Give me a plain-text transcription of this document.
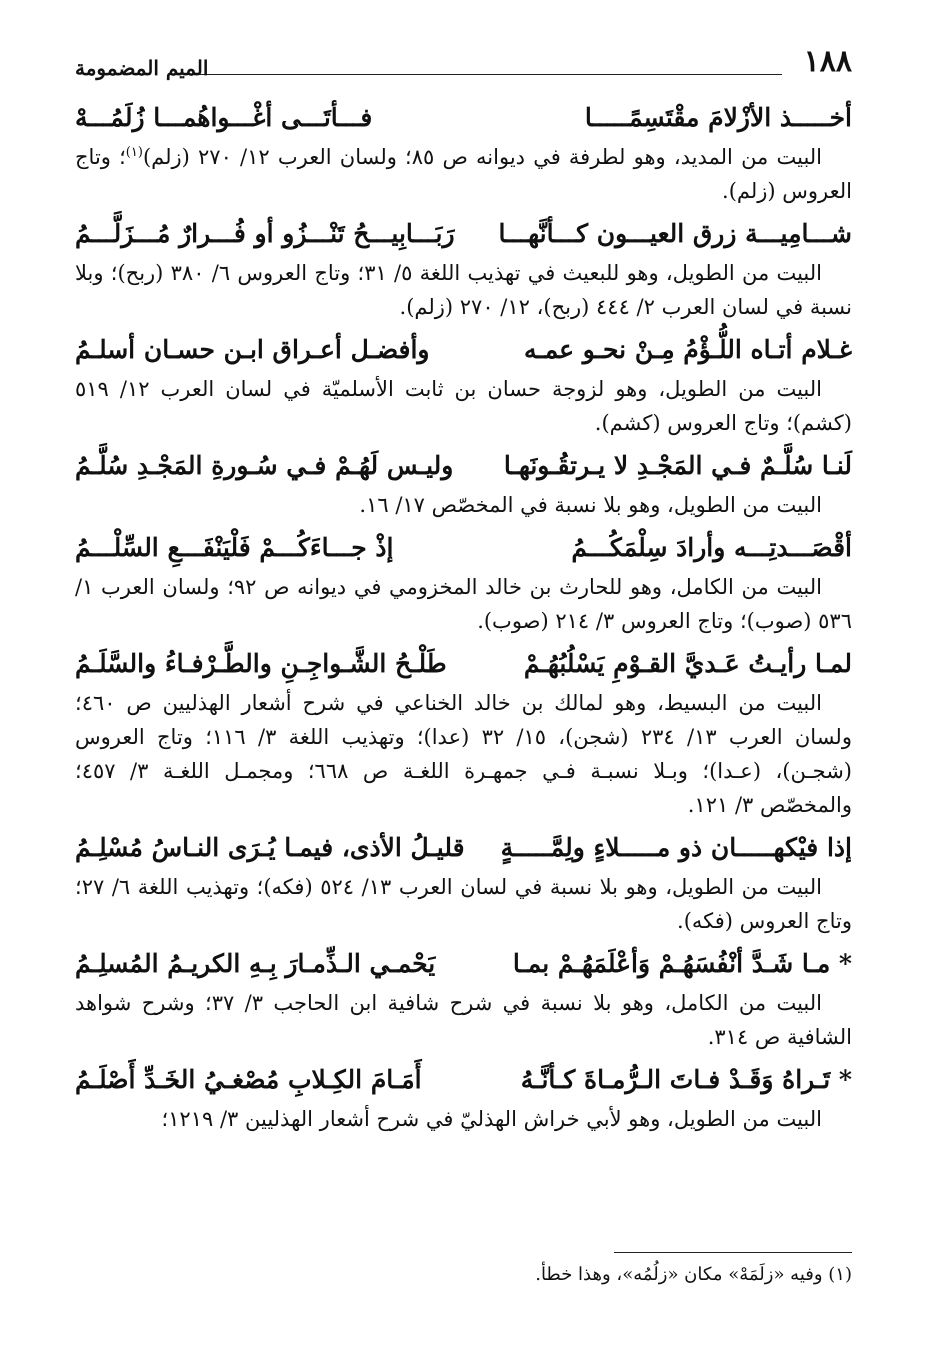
١٨٨
الميم المضمومة
أخـــــذ الأزْلامَ مقْتَسِمًـــــا
فـــأتَـــى أغْـــواهُمـــا زُلَمُـــهْ

البيت من المديد، وهو لطرفة في ديوانه ص ٨٥؛ ولسان العرب ١٢/ ٢٧٠ (زلم)$^{(١)}$؛ وتاج العروس (زلم).

شـــامِيـــة زرق العيـــون كـــأنَّهـــا
رَبَـــابِيـــحُ تَنْـــزُو أو فُـــرارٌ مُـــزَلَّـــمُ

البيت من الطويل، وهو للبعيث في تهذيب اللغة ٥/ ٣١؛ وتاج العروس ٦/ ٣٨٠ (ربح)؛ وبلا نسبة في لسان العرب ٢/ ٤٤٤ (ربح)، ١٢/ ٢٧٠ (زلم).

غـلام أتـاه اللُّـؤْمُ مِـنْ نحـو عمـه
وأفضـل أعـراق ابـن حسـان أسلـمُ

البيت من الطويل، وهو لزوجة حسان بن ثابت الأسلميّة في لسان العرب ١٢/ ٥١٩ (كشم)؛ وتاج العروس (كشم).

لَنـا سُلَّـمٌ فـي المَجْـدِ لا يـرتقُـونَهـا
وليـس لَهُـمْ فـي سُـورةِ المَجْـدِ سُلَّـمُ

البيت من الطويل، وهو بلا نسبة في المخصّص ١٧/ ١٦.

أقْصَـــدتِـــه وأرادَ سِلْمَكُـــمُ
إذْ جـــاءَكُـــمْ فَلْيَنْفَـــعِ السِّلْـــمُ

البيت من الكامل، وهو للحارث بن خالد المخزومي في ديوانه ص ٩٢؛ ولسان العرب ١/ ٥٣٦ (صوب)؛ وتاج العروس ٣/ ٢١٤ (صوب).

لمـا رأيـتُ عَـديَّ القـوْمِ يَسْلُبُهُـمْ
طَلْـحُ الشَّـواجِـنِ والطَّـرْفـاءُ والسَّلَـمُ

البيت من البسيط، وهو لمالك بن خالد الخناعي في شرح أشعار الهذليين ص ٤٦٠؛ ولسان العرب ١٣/ ٢٣٤ (شجن)، ١٥/ ٣٢ (عدا)؛ وتهذيب اللغة ٣/ ١١٦؛ وتاج العروس (شجـن)، (عـدا)؛ وبـلا نسبـة فـي جمهـرة اللغـة ص ٦٦٨؛ ومجمـل اللغـة ٣/ ٤٥٧؛ والمخصّص ٣/ ١٢١.

إذا فيْكهـــــان ذو مـــــلاءٍ ولِمَّـــــةٍ
قليـلُ الأذى، فيمـا يُـرَى النـاسُ مُسْلِـمُ

البيت من الطويل، وهو بلا نسبة في لسان العرب ١٣/ ٥٢٤ (فكه)؛ وتهذيب اللغة ٦/ ٢٧؛ وتاج العروس (فكه).

* مـا شَـدَّ أنْفُسَهُـمْ وَأعْلَمَهُـمْ بمـا
يَحْمـي الـذِّمـارَ بِـهِ الكريـمُ المُسلِـمُ

البيت من الكامل، وهو بلا نسبة في شرح شافية ابن الحاجب ٣/ ٣٧؛ وشرح شواهد الشافية ص ٣١٤.

* تَـراهُ وَقَـدْ فـاتَ الـرُّمـاةَ كـأنَّـهُ
أَمَـامَ الكِـلابِ مُصْغـيُ الخَـدِّ أَصْلَـمُ

البيت من الطويل، وهو لأبي خراش الهذليّ في شرح أشعار الهذليين ٣/ ١٢١٩؛

(١) وفيه «زلَمَهْ» مكان «زلُمُه»، وهذا خطأ.
